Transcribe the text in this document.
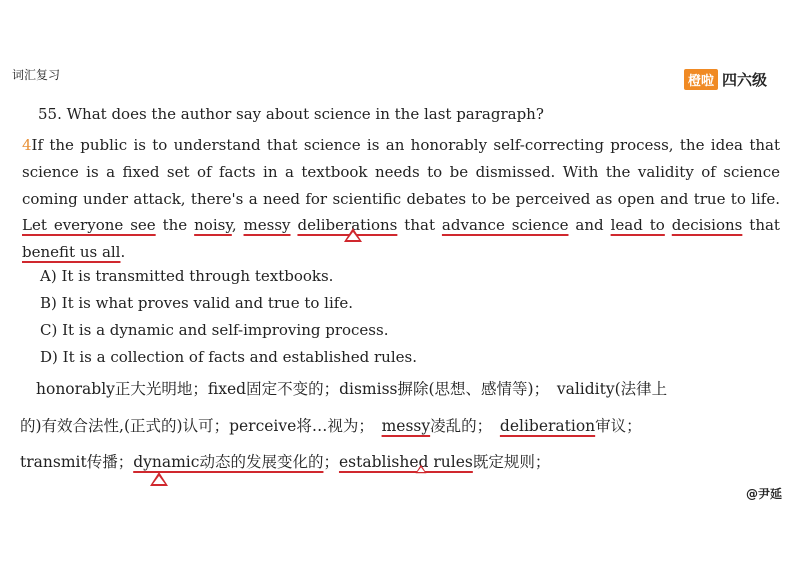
词汇复习	橙啦 四六级
55. What does the author say about science in the last paragraph?
4If the public is to understand that science is an honorably self-correcting process, the idea that science is a fixed set of facts in a textbook needs to be dismissed. With the validity of science coming under attack, there's a need for scientific debates to be perceived as open and true to life. Let everyone see the noisy, messy deliberations that advance science and lead to decisions that benefit us all.
A) It is transmitted through textbooks.
B) It is what proves valid and true to life.
C) It is a dynamic and self-improving process.
D) It is a collection of facts and established rules.
honorably正大光明地；fixed固定不变的；dismiss摒除(思想、感情等)；　validity(法律上
的)有效合法性,(正式的)认可；perceive将…视为；　messy凌乱的；　deliberation审议；
transmit传播；dynamic动态的发展变化的；established rules既定规则；
@尹延
